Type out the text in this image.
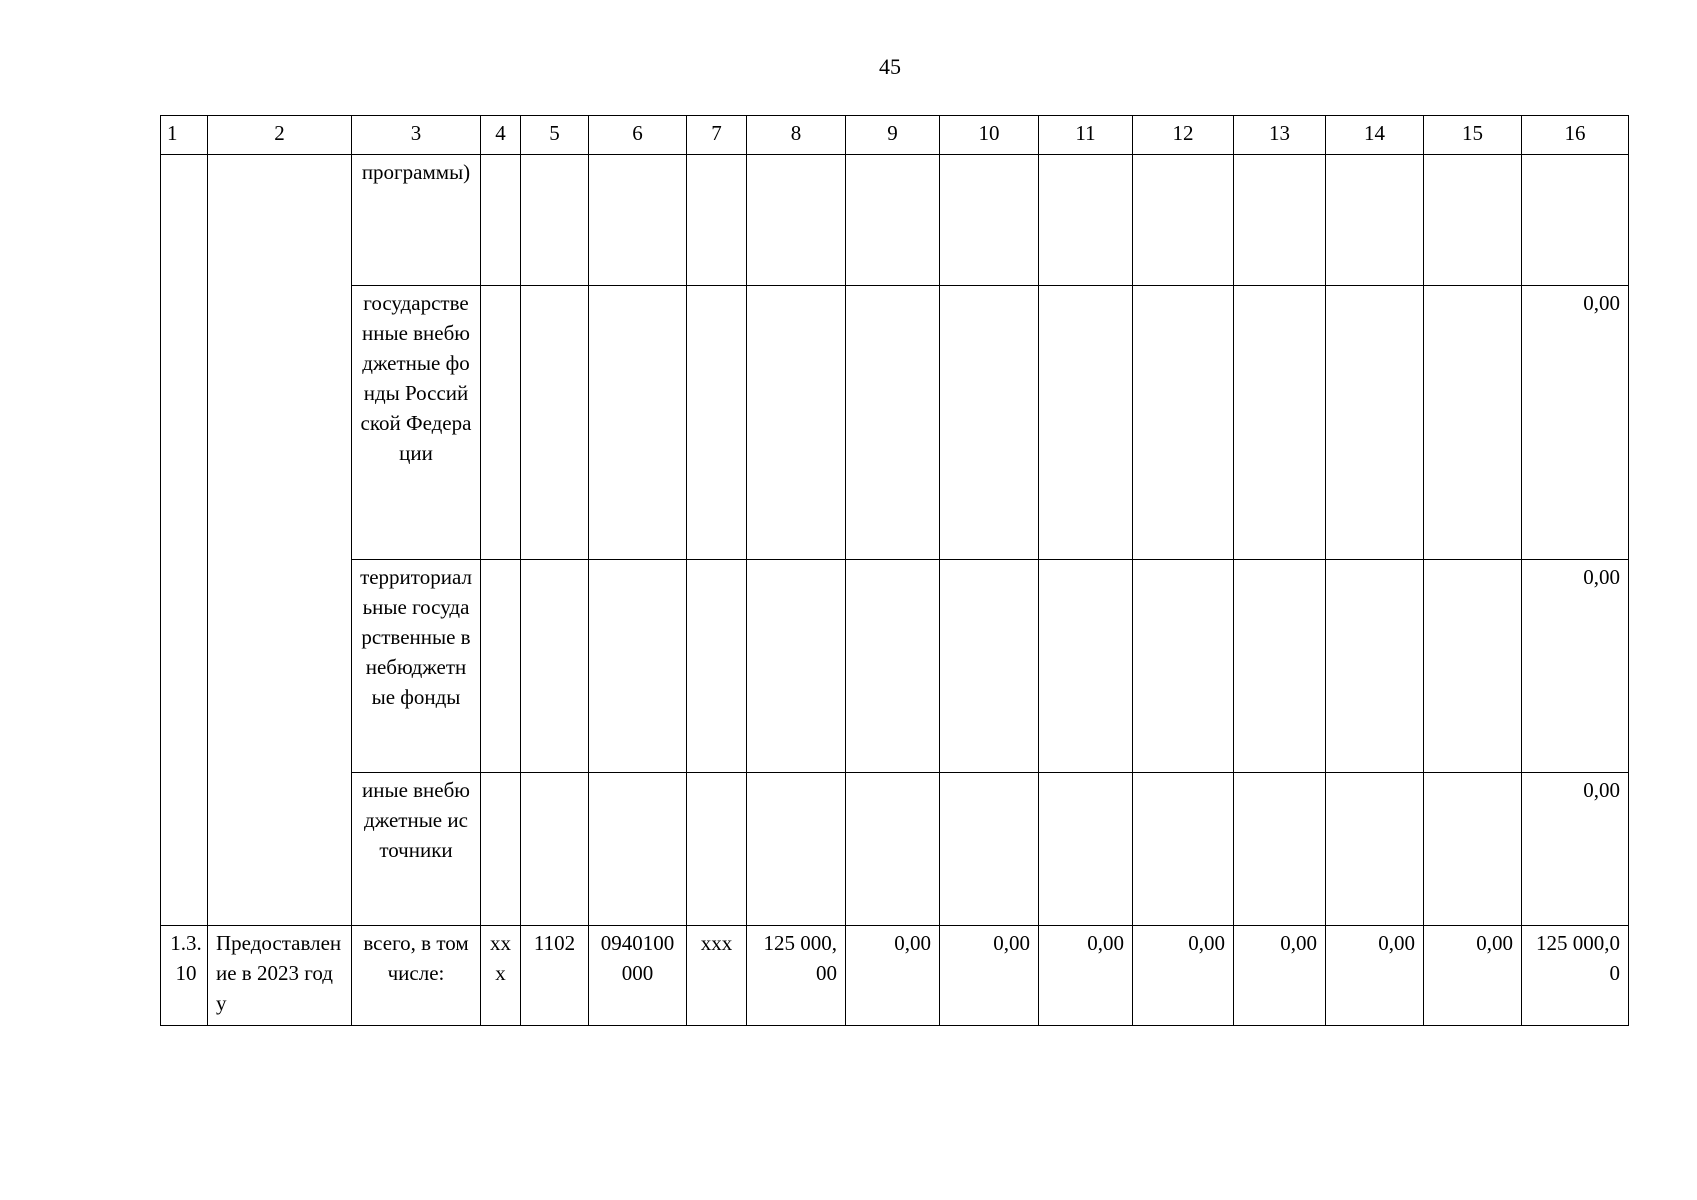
45
1	2	3	4	5	6	7	8	9	10	11	12	13	14	15	16
		программы)													
		государственные внебюджетные фонды Российской Федерации													0,00
		территориальные государственные внебюджетные фонды													0,00
		иные внебюджетные источники													0,00
1.3.10	Предоставление в 2023 году	всего, в том числе:	xxx	1102	0940100000	xxx	125 000,00	0,00	0,00	0,00	0,00	0,00	0,00	0,00	125 000,00
